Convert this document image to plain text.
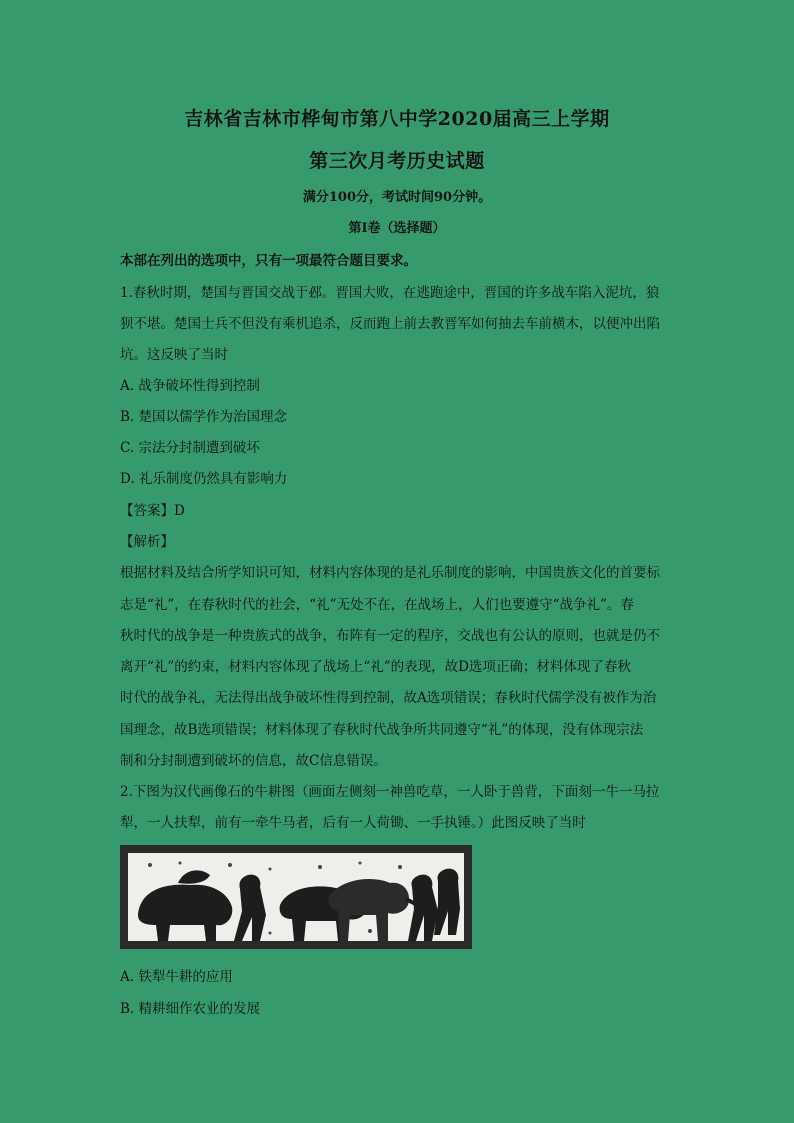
吉林省吉林市桦甸市第八中学2020届高三上学期
第三次月考历史试题
满分100分，考试时间90分钟。
第Ⅰ卷（选择题）
本部在列出的选项中，只有一项最符合题目要求。
1.春秋时期，楚国与晋国交战于邲。晋国大败，在逃跑途中，晋国的许多战车陷入泥坑，狼
狈不堪。楚国士兵不但没有乘机追杀，反而跑上前去教晋军如何抽去车前横木，以便冲出陷
坑。这反映了当时
A. 战争破坏性得到控制
B. 楚国以儒学作为治国理念
C. 宗法分封制遭到破坏
D. 礼乐制度仍然具有影响力
【答案】D
【解析】
根据材料及结合所学知识可知，材料内容体现的是礼乐制度的影响，中国贵族文化的首要标
志是“礼”，在春秋时代的社会，“礼”无处不在，在战场上，人们也要遵守“战争礼”。春
秋时代的战争是一种贵族式的战争，布阵有一定的程序，交战也有公认的原则，也就是仍不
离开“礼”的约束，材料内容体现了战场上“礼”的表现，故D选项正确；材料体现了春秋
时代的战争礼，无法得出战争破坏性得到控制，故A选项错误；春秋时代儒学没有被作为治
国理念，故B选项错误；材料体现了春秋时代战争所共同遵守“礼”的体现，没有体现宗法
制和分封制遭到破坏的信息，故C信息错误。
2.下图为汉代画像石的牛耕图（画面左侧刻一神兽吃草，一人卧于兽背，下面刻一牛一马拉
犁，一人扶犁，前有一牵牛马者，后有一人荷锄、一手执锤。）此图反映了当时
A. 铁犁牛耕的应用
B. 精耕细作农业的发展
